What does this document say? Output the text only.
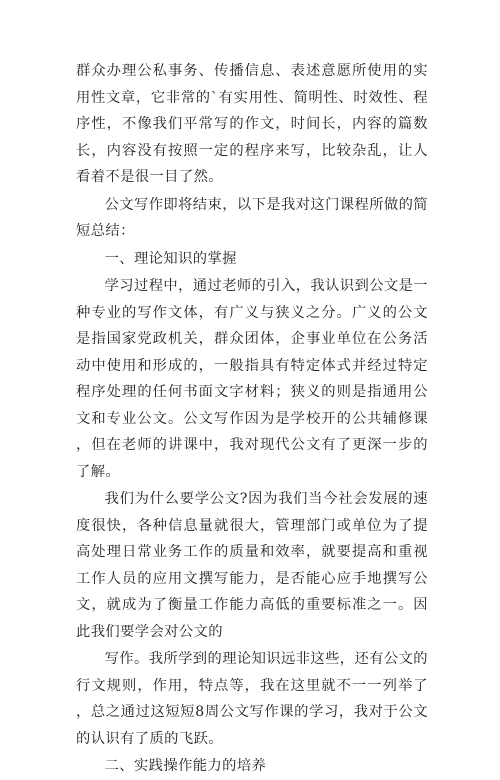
群众办理公私事务、传播信息、表述意愿所使用的实用性文章，它非常的`有实用性、简明性、时效性、程序性，不像我们平常写的作文，时间长，内容的篇数长，内容没有按照一定的程序来写，比较杂乱，让人看着不是很一目了然。

公文写作即将结束，以下是我对这门课程所做的简短总结：

一、理论知识的掌握

学习过程中，通过老师的引入，我认识到公文是一种专业的写作文体，有广义与狭义之分。广义的公文是指国家党政机关，群众团体，企事业单位在公务活动中使用和形成的，一般指具有特定体式并经过特定程序处理的任何书面文字材料；狭义的则是指通用公文和专业公文。公文写作因为是学校开的公共辅修课，但在老师的讲课中，我对现代公文有了更深一步的了解。

我们为什么要学公文?因为我们当今社会发展的速度很快，各种信息量就很大，管理部门或单位为了提高处理日常业务工作的质量和效率，就要提高和重视工作人员的应用文撰写能力，是否能心应手地撰写公文，就成为了衡量工作能力高低的重要标准之一。因此我们要学会对公文的

写作。我所学到的理论知识远非这些，还有公文的行文规则，作用，特点等，我在这里就不一一列举了，总之通过这短短8周公文写作课的学习，我对于公文的认识有了质的飞跃。

二、实践操作能力的培养
